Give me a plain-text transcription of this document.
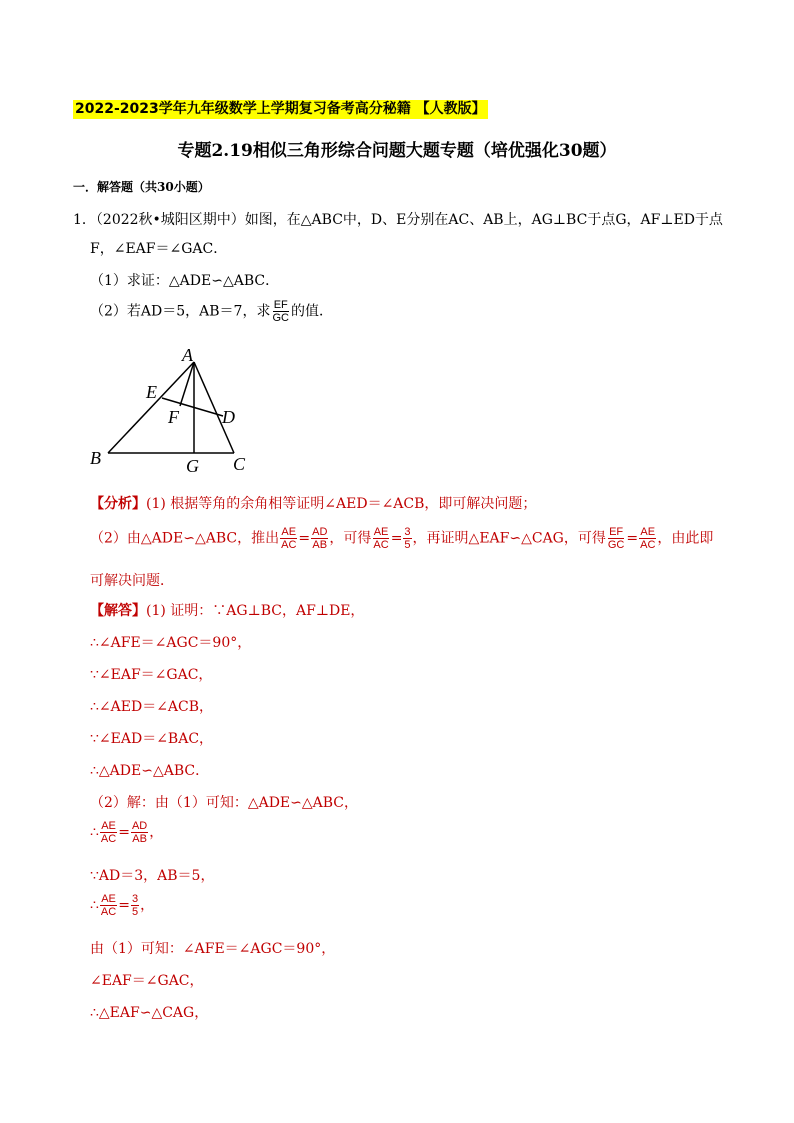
2022-2023学年九年级数学上学期复习备考高分秘籍 【人教版】
专题2.19相似三角形综合问题大题专题（培优强化30题）
一．解答题（共30小题）
1．（2022秋•城阳区期中）如图，在△ABC中，D、E分别在AC、AB上，AG⊥BC于点G，AF⊥ED于点
F，∠EAF＝∠GAC．
（1）求证：△ADE∽△ABC．
（2）若AD＝5，AB＝7，求 $\frac{EF}{GC}$ 的值．
A
E
F D
B	G C
【分析】(1) 根据等角的余角相等证明∠AED＝∠ACB，即可解决问题；
（2）由△ADE∽△ABC，推出 $\frac{AE}{AC} = \frac{AD}{AB}$ ，可得 $\frac{AE}{AC} = \frac{3}{5}$ ，再证明△EAF∽△CAG，可得 $\frac{EF}{GC} = \frac{AE}{AC}$ ，由此即
可解决问题．
【解答】(1) 证明：∵AG⊥BC，AF⊥DE，
∴∠AFE＝∠AGC＝90°，
∵∠EAF＝∠GAC，
∴∠AED＝∠ACB，
∵∠EAD＝∠BAC，
∴△ADE∽△ABC．
（2）解：由（1）可知：△ADE∽△ABC，
∴ $\frac{AE}{AC} = \frac{AD}{AB}$ ，
∵AD＝3，AB＝5，
∴ $\frac{AE}{AC} = \frac{3}{5}$ ，
由（1）可知：∠AFE＝∠AGC＝90°，
∠EAF＝∠GAC，
∴△EAF∽△CAG，
